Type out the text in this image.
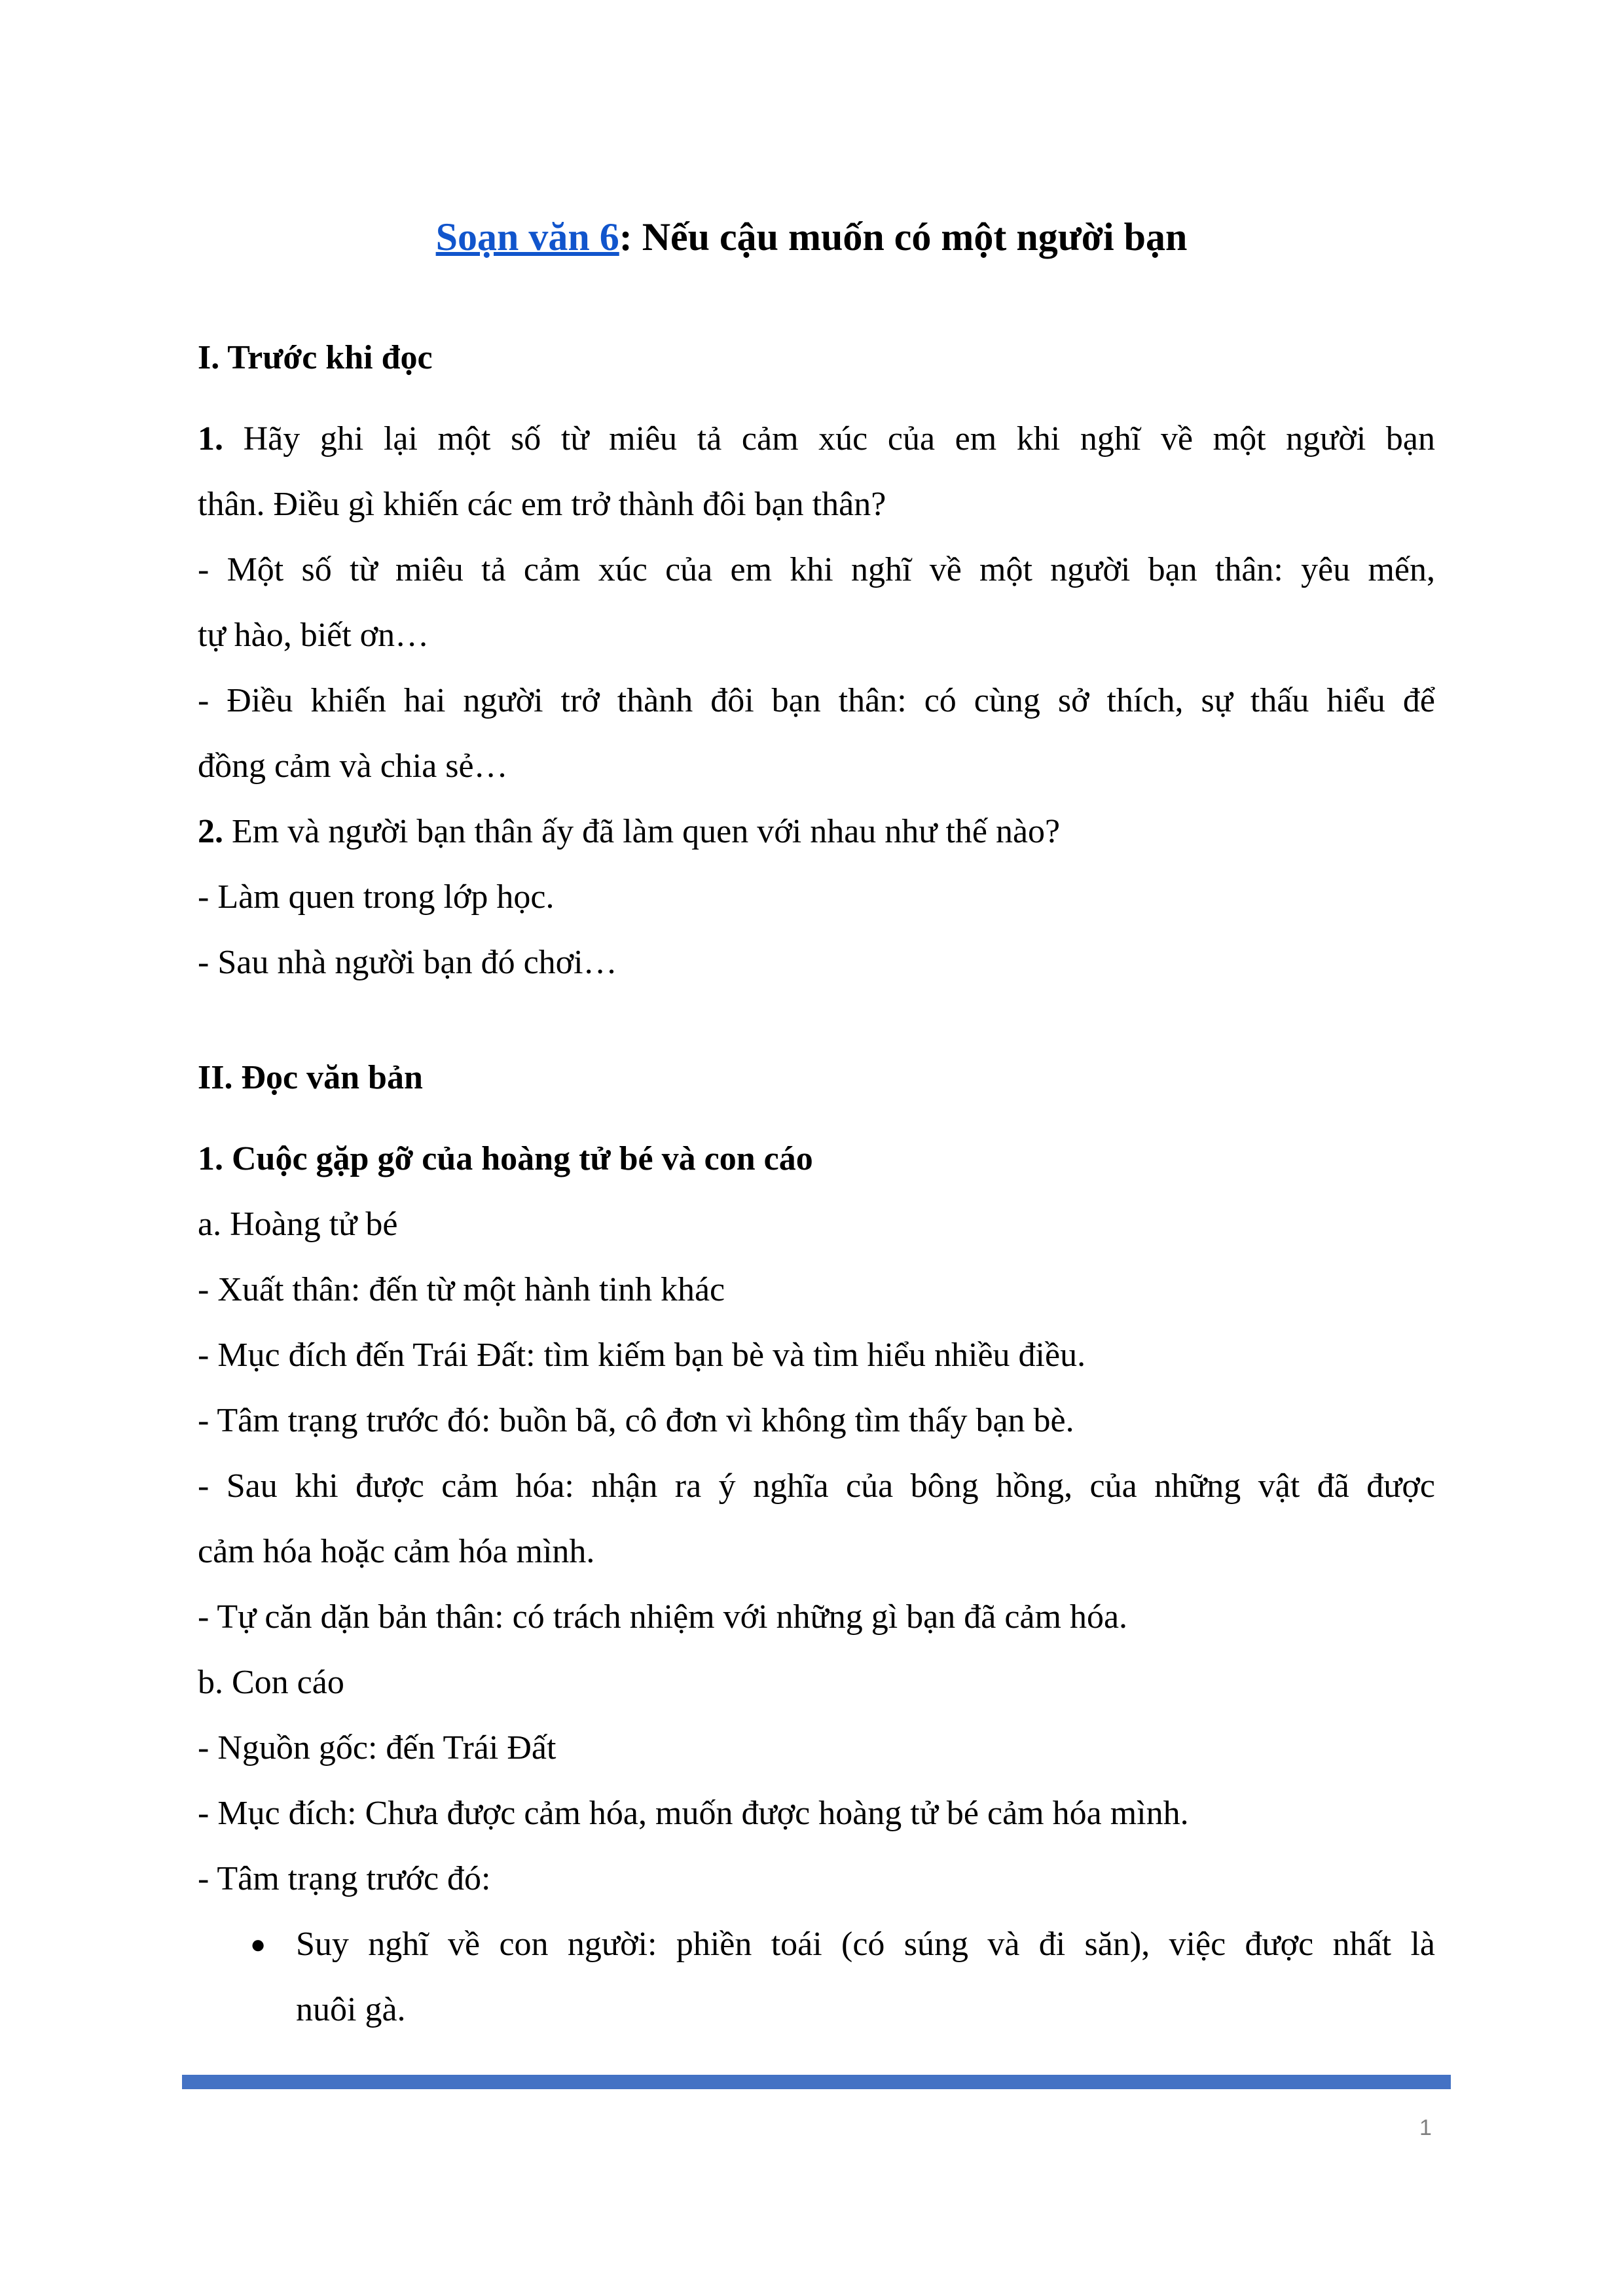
Soạn văn 6: Nếu cậu muốn có một người bạn
I. Trước khi đọc
1. Hãy ghi lại một số từ miêu tả cảm xúc của em khi nghĩ về một người bạn
thân. Điều gì khiến các em trở thành đôi bạn thân?
- Một số từ miêu tả cảm xúc của em khi nghĩ về một người bạn thân: yêu mến,
tự hào, biết ơn…
- Điều khiến hai người trở thành đôi bạn thân: có cùng sở thích, sự thấu hiểu để
đồng cảm và chia sẻ…
2. Em và người bạn thân ấy đã làm quen với nhau như thế nào?
- Làm quen trong lớp học.
- Sau nhà người bạn đó chơi…
II. Đọc văn bản
1. Cuộc gặp gỡ của hoàng tử bé và con cáo
a. Hoàng tử bé
- Xuất thân: đến từ một hành tinh khác
- Mục đích đến Trái Đất: tìm kiếm bạn bè và tìm hiểu nhiều điều.
- Tâm trạng trước đó: buồn bã, cô đơn vì không tìm thấy bạn bè.
- Sau khi được cảm hóa: nhận ra ý nghĩa của bông hồng, của những vật đã được
cảm hóa hoặc cảm hóa mình.
- Tự căn dặn bản thân: có trách nhiệm với những gì bạn đã cảm hóa.
b. Con cáo
- Nguồn gốc: đến Trái Đất
- Mục đích: Chưa được cảm hóa, muốn được hoàng tử bé cảm hóa mình.
- Tâm trạng trước đó:
● Suy nghĩ về con người: phiền toái (có súng và đi săn), việc được nhất là
nuôi gà.
1
